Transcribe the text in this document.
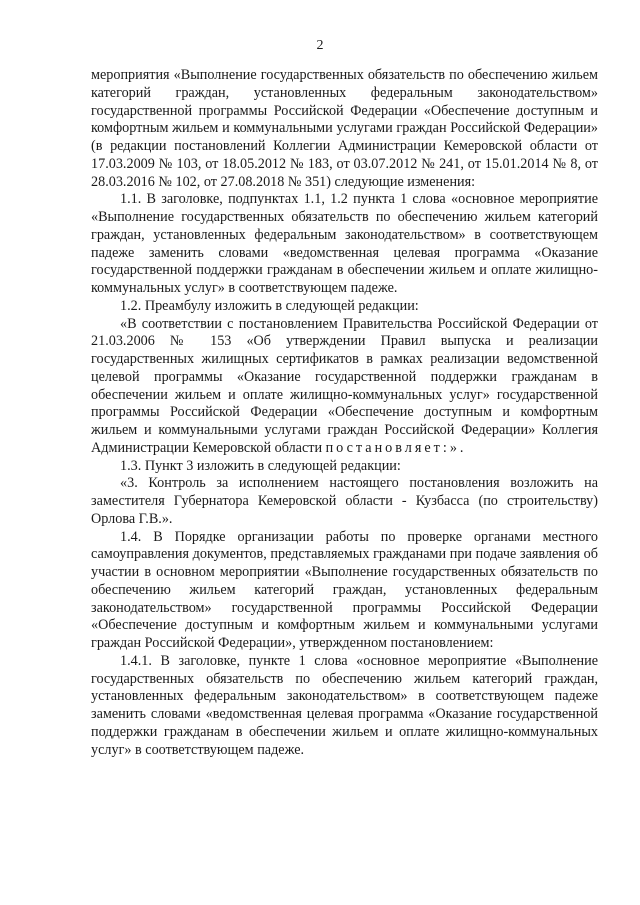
2

мероприятия «Выполнение государственных обязательств по обеспечению жильем категорий граждан, установленных федеральным законодательством» государственной программы Российской Федерации «Обеспечение доступным и комфортным жильем и коммунальными услугами граждан Российской Федерации» (в редакции постановлений Коллегии Администрации Кемеровской области от 17.03.2009 № 103, от 18.05.2012 № 183, от 03.07.2012 № 241, от 15.01.2014 № 8, от 28.03.2016 № 102, от 27.08.2018 № 351) следующие изменения:

1.1. В заголовке, подпунктах 1.1, 1.2 пункта 1 слова «основное мероприятие «Выполнение государственных обязательств по обеспечению жильем категорий граждан, установленных федеральным законодательством» в соответствующем падеже заменить словами «ведомственная целевая программа «Оказание государственной поддержки гражданам в обеспечении жильем и оплате жилищно-коммунальных услуг» в соответствующем падеже.

1.2. Преамбулу изложить в следующей редакции:

«В соответствии с постановлением Правительства Российской Федерации от 21.03.2006 № 153 «Об утверждении Правил выпуска и реализации государственных жилищных сертификатов в рамках реализации ведомственной целевой программы «Оказание государственной поддержки гражданам в обеспечении жильем и оплате жилищно-коммунальных услуг» государственной программы Российской Федерации «Обеспечение доступным и комфортным жильем и коммунальными услугами граждан Российской Федерации» Коллегия Администрации Кемеровской области постановляет:».

1.3. Пункт 3 изложить в следующей редакции:

«3. Контроль за исполнением настоящего постановления возложить на заместителя Губернатора Кемеровской области - Кузбасса (по строительству) Орлова Г.В.».

1.4. В Порядке организации работы по проверке органами местного самоуправления документов, представляемых гражданами при подаче заявления об участии в основном мероприятии «Выполнение государственных обязательств по обеспечению жильем категорий граждан, установленных федеральным законодательством» государственной программы Российской Федерации «Обеспечение доступным и комфортным жильем и коммунальными услугами граждан Российской Федерации», утвержденном постановлением:

1.4.1. В заголовке, пункте 1 слова «основное мероприятие «Выполнение государственных обязательств по обеспечению жильем категорий граждан, установленных федеральным законодательством» в соответствующем падеже заменить словами «ведомственная целевая программа «Оказание государственной поддержки гражданам в обеспечении жильем и оплате жилищно-коммунальных услуг» в соответствующем падеже.
